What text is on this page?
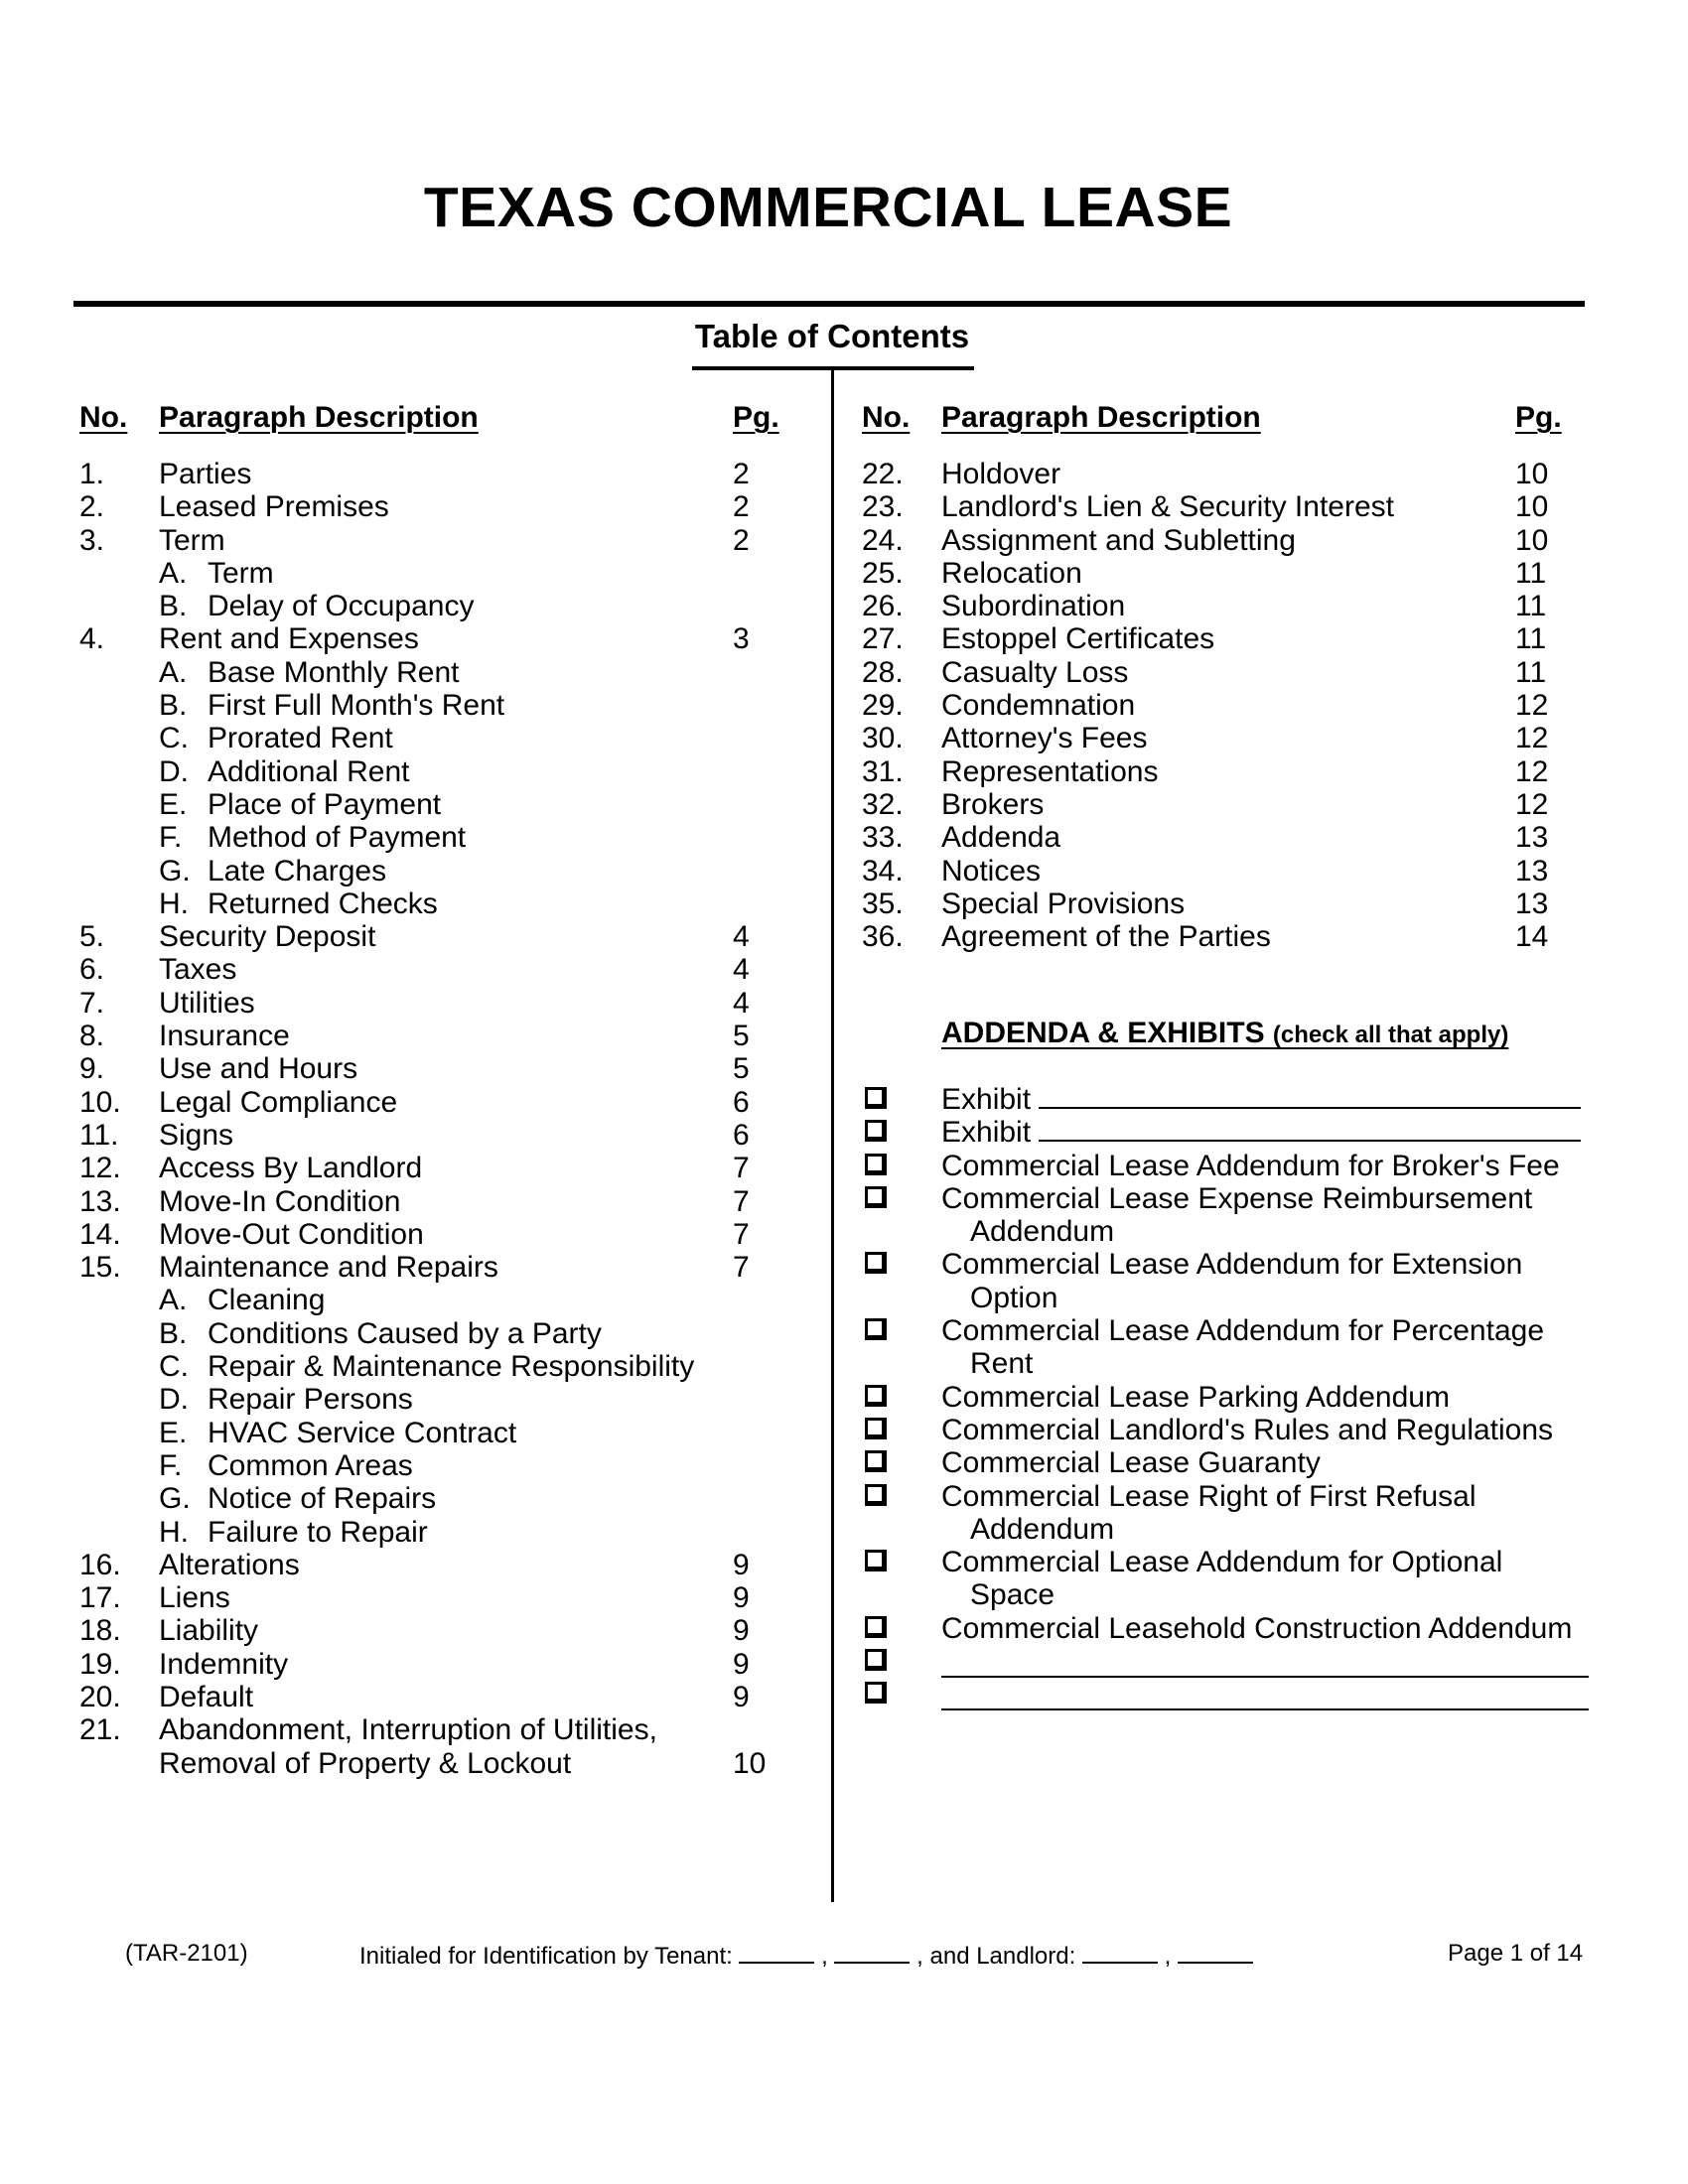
TEXAS COMMERCIAL LEASE
Table of Contents
No. Paragraph Description	Pg.	No. Paragraph Description	Pg.
1. Parties	2
2. Leased Premises	2
3. Term	2
A. Term
B. Delay of Occupancy
4. Rent and Expenses	3
A. Base Monthly Rent
B. First Full Month's Rent
C. Prorated Rent
D. Additional Rent
E. Place of Payment
F. Method of Payment
G. Late Charges
H. Returned Checks
5. Security Deposit	4
6. Taxes	4
7. Utilities	4
8. Insurance	5
9. Use and Hours	5
10. Legal Compliance	6
11. Signs	6
12. Access By Landlord	7
13. Move-In Condition	7
14. Move-Out Condition	7
15. Maintenance and Repairs	7
A. Cleaning
B. Conditions Caused by a Party
C. Repair & Maintenance Responsibility
D. Repair Persons
E. HVAC Service Contract
F. Common Areas
G. Notice of Repairs
H. Failure to Repair
16. Alterations	9
17. Liens	9
18. Liability	9
19. Indemnity	9
20. Default	9
21. Abandonment, Interruption of Utilities,
Removal of Property & Lockout	10
22. Holdover	10
23. Landlord's Lien & Security Interest	10
24. Assignment and Subletting	10
25. Relocation	11
26. Subordination	11
27. Estoppel Certificates	11
28. Casualty Loss	11
29. Condemnation	12
30. Attorney's Fees	12
31. Representations	12
32. Brokers	12
33. Addenda	13
34. Notices	13
35. Special Provisions	13
36. Agreement of the Parties	14
ADDENDA & EXHIBITS (check all that apply)
Exhibit
Exhibit
Commercial Lease Addendum for Broker's Fee
Commercial Lease Expense Reimbursement
Addendum
Commercial Lease Addendum for Extension
Option
Commercial Lease Addendum for Percentage
Rent
Commercial Lease Parking Addendum
Commercial Landlord's Rules and Regulations
Commercial Lease Guaranty
Commercial Lease Right of First Refusal
Addendum
Commercial Lease Addendum for Optional
Space
Commercial Leasehold Construction Addendum

(TAR-2101)	Initialed for Identification by Tenant:	,	, and Landlord:	,	Page 1 of 14
